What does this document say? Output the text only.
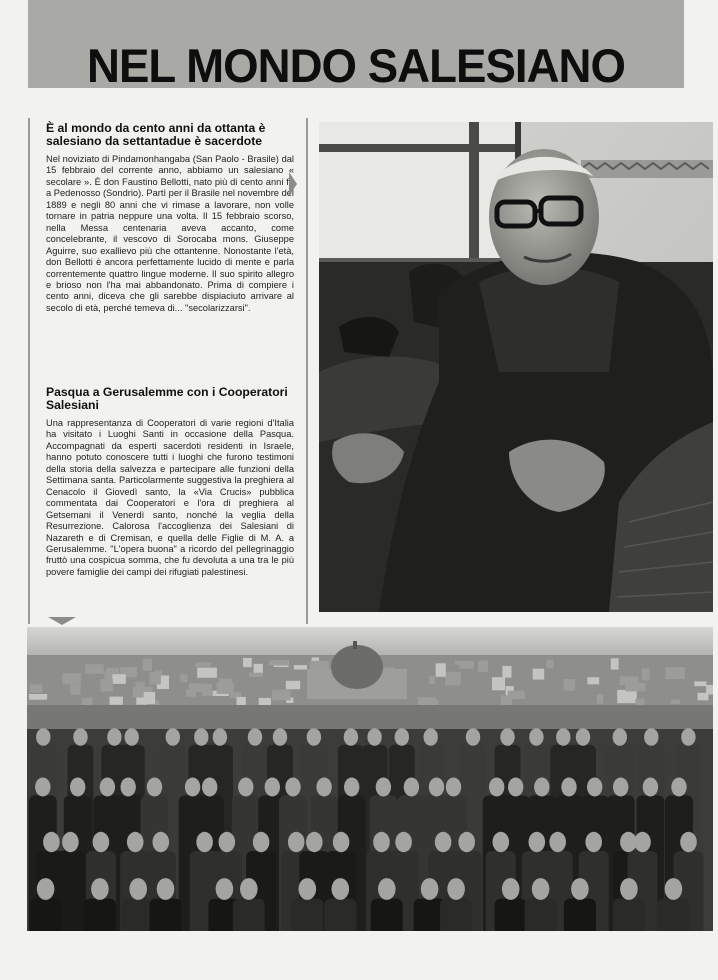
NEL MONDO SALESIANO

È al mondo da cento anni da ottanta è salesiano da settantadue è sacerdote

Nel noviziato di Pindamonhangaba (San Paolo - Brasile) dal 15 febbraio del corrente anno, abbiamo un salesiano « secolare ». È don Faustino Bellotti, nato più di cento anni fa a Pedenosso (Sondrio). Partì per il Brasile nel novembre del 1889 e negli 80 anni che vi rimase a lavorare, non volle tornare in patria neppure una volta. Il 15 febbraio scorso, nella Messa centenaria aveva accanto, come concelebrante, il vescovo di Sorocaba mons. Giuseppe Aguirre, suo exallievo più che ottantenne. Nonostante l'età, don Bellotti è ancora perfettamente lucido di mente e parla correntemente quattro lingue moderne. Il suo spirito allegro e brioso non l'ha mai abbandonato. Prima di compiere i cento anni, diceva che gli sarebbe dispiaciuto arrivare al secolo di età, perché temeva di... "secolarizzarsi".

Pasqua a Gerusalemme con i Cooperatori Salesiani

Una rappresentanza di Cooperatori di varie regioni d'Italia ha visitato i Luoghi Santi in occasione della Pasqua. Accompagnati da esperti sacerdoti residenti in Israele, hanno potuto conoscere tutti i luoghi che furono testimoni della storia della salvezza e partecipare alle funzioni della Settimana santa. Particolarmente suggestiva la preghiera al Cenacolo il Giovedì santo, la «Via Crucis» pubblica commentata dai Cooperatori e l'ora di preghiera al Getsemani il Venerdì santo, nonché la veglia della Resurrezione. Calorosa l'accoglienza dei Salesiani di Nazareth e di Cremisan, e quella delle Figlie di M. A. a Gerusalemme. "L'opera buona" a ricordo del pellegrinaggio fruttò una cospicua somma, che fu devoluta a una tra le più povere famiglie dei campi dei rifugiati palestinesi.
